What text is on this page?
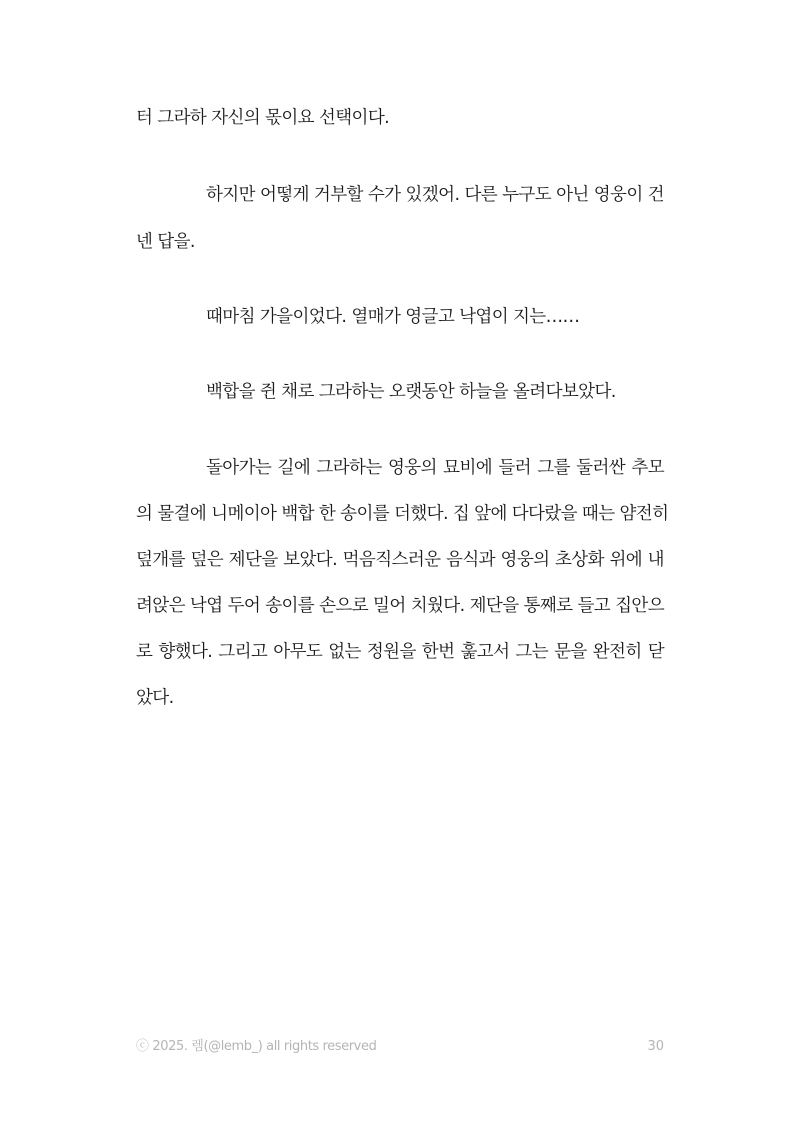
터 그라하 자신의 몫이요 선택이다.
하지만 어떻게 거부할 수가 있겠어. 다른 누구도 아닌 영웅이 건
넨 답을.
때마침 가을이었다. 열매가 영글고 낙엽이 지는……
백합을 쥔 채로 그라하는 오랫동안 하늘을 올려다보았다.
돌아가는 길에 그라하는 영웅의 묘비에 들러 그를 둘러싼 추모
의 물결에 니메이아 백합 한 송이를 더했다. 집 앞에 다다랐을 때는 얌전히
덮개를 덮은 제단을 보았다. 먹음직스러운 음식과 영웅의 초상화 위에 내
려앉은 낙엽 두어 송이를 손으로 밀어 치웠다. 제단을 통째로 들고 집안으
로 향했다. 그리고 아무도 없는 정원을 한번 훑고서 그는 문을 완전히 닫
았다.
ⓒ 2025. 렘(@lemb_) all rights reserved	30
